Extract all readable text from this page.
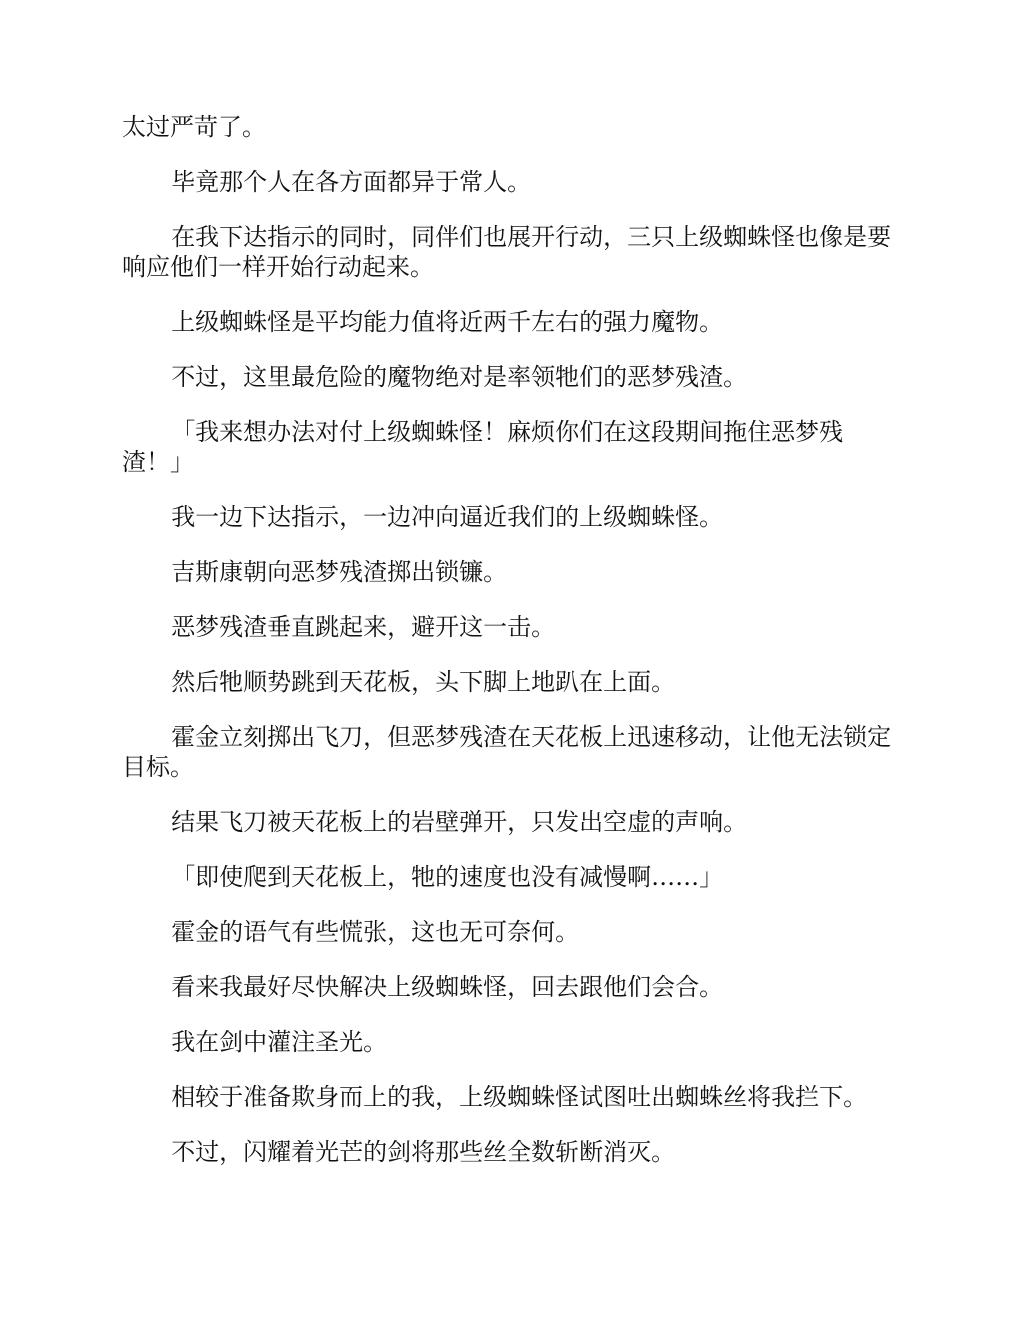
太过严苛了。

毕竟那个人在各方面都异于常人。

在我下达指示的同时，同伴们也展开行动，三只上级蜘蛛怪也像是要响应他们一样开始行动起来。

上级蜘蛛怪是平均能力值将近两千左右的强力魔物。

不过，这里最危险的魔物绝对是率领牠们的恶梦残渣。

「我来想办法对付上级蜘蛛怪！麻烦你们在这段期间拖住恶梦残渣！」

我一边下达指示，一边冲向逼近我们的上级蜘蛛怪。

吉斯康朝向恶梦残渣掷出锁镰。

恶梦残渣垂直跳起来，避开这一击。

然后牠顺势跳到天花板，头下脚上地趴在上面。

霍金立刻掷出飞刀，但恶梦残渣在天花板上迅速移动，让他无法锁定目标。

结果飞刀被天花板上的岩壁弹开，只发出空虚的声响。

「即使爬到天花板上，牠的速度也没有减慢啊……」

霍金的语气有些慌张，这也无可奈何。

看来我最好尽快解决上级蜘蛛怪，回去跟他们会合。

我在剑中灌注圣光。

相较于准备欺身而上的我，上级蜘蛛怪试图吐出蜘蛛丝将我拦下。

不过，闪耀着光芒的剑将那些丝全数斩断消灭。
